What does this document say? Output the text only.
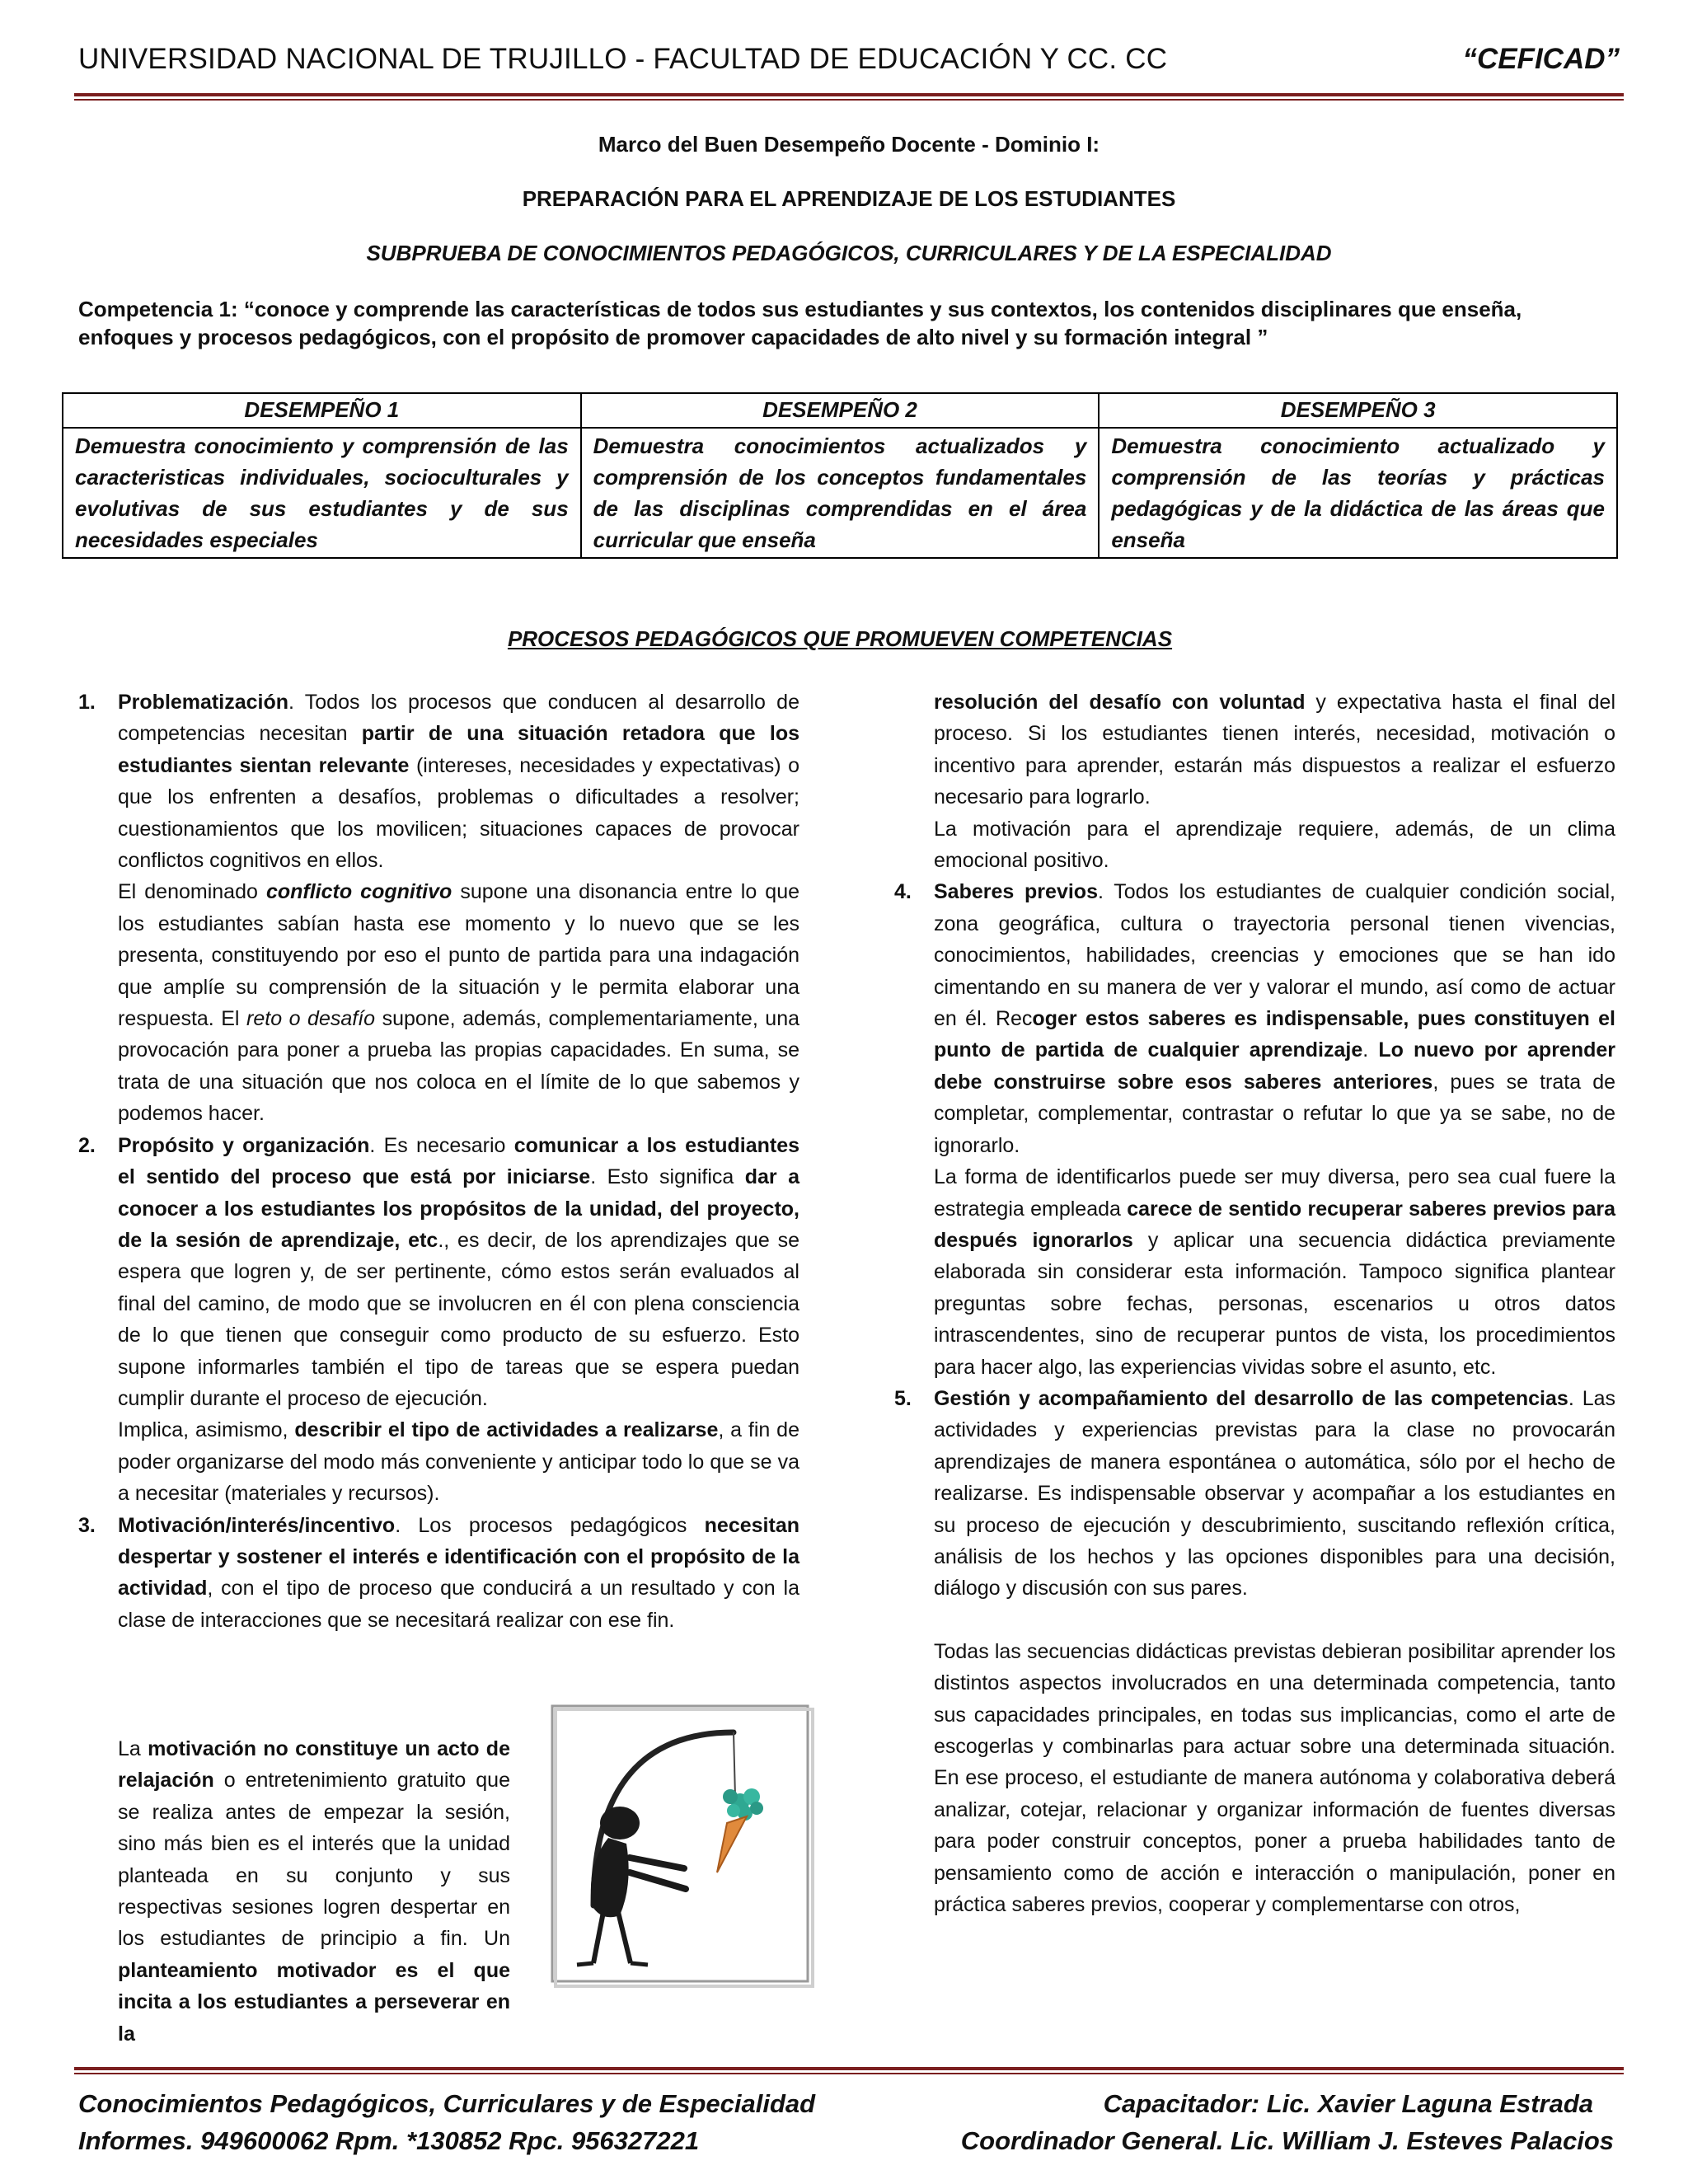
UNIVERSIDAD NACIONAL DE TRUJILLO - FACULTAD DE EDUCACIÓN Y CC. CC	“CEFICAD”
Marco del Buen Desempeño Docente - Dominio I:
PREPARACIÓN PARA EL APRENDIZAJE DE LOS ESTUDIANTES
SUBPRUEBA DE CONOCIMIENTOS PEDAGÓGICOS, CURRICULARES Y DE LA ESPECIALIDAD
Competencia 1: “conoce y comprende las características de todos sus estudiantes y sus contextos, los contenidos disciplinares que enseña, enfoques y procesos pedagógicos, con el propósito de promover capacidades de alto nivel y su formación integral ”
DESEMPEÑO 1	DESEMPEÑO 2	DESEMPEÑO 3
Demuestra conocimiento y comprensión de las caracteristicas individuales, socioculturales y evolutivas de sus estudiantes y de sus necesidades especiales	Demuestra conocimientos actualizados y comprensión de los conceptos fundamentales de las disciplinas comprendidas en el área curricular que enseña	Demuestra conocimiento actualizado y comprensión de las teorías y prácticas pedagógicas y de la didáctica de las áreas que enseña
PROCESOS PEDAGÓGICOS QUE PROMUEVEN COMPETENCIAS
1. Problematización. Todos los procesos que conducen al desarrollo de competencias necesitan partir de una situación retadora que los estudiantes sientan relevante (intereses, necesidades y expectativas) o que los enfrenten a desafíos, problemas o dificultades a resolver; cuestionamientos que los movilicen; situaciones capaces de provocar conflictos cognitivos en ellos.

El denominado conflicto cognitivo supone una disonancia entre lo que los estudiantes sabían hasta ese momento y lo nuevo que se les presenta, constituyendo por eso el punto de partida para una indagación que amplíe su comprensión de la situación y le permita elaborar una respuesta. El reto o desafío supone, además, complementariamente, una provocación para poner a prueba las propias capacidades. En suma, se trata de una situación que nos coloca en el límite de lo que sabemos y podemos hacer.

2. Propósito y organización. Es necesario comunicar a los estudiantes el sentido del proceso que está por iniciarse. Esto significa dar a conocer a los estudiantes los propósitos de la unidad, del proyecto, de la sesión de aprendizaje, etc., es decir, de los aprendizajes que se espera que logren y, de ser pertinente, cómo estos serán evaluados al final del camino, de modo que se involucren en él con plena consciencia de lo que tienen que conseguir como producto de su esfuerzo. Esto supone informarles también el tipo de tareas que se espera puedan cumplir durante el proceso de ejecución.

Implica, asimismo, describir el tipo de actividades a realizarse, a fin de poder organizarse del modo más conveniente y anticipar todo lo que se va a necesitar (materiales y recursos).

3. Motivación/interés/incentivo. Los procesos pedagógicos necesitan despertar y sostener el interés e identificación con el propósito de la actividad, con el tipo de proceso que conducirá a un resultado y con la clase de interacciones que se necesitará realizar con ese fin.

La motivación no constituye un acto de relajación o entretenimiento gratuito que se realiza antes de empezar la sesión, sino más bien es el interés que la unidad planteada en su conjunto y sus respectivas sesiones logren despertar en los estudiantes de principio a fin. Un planteamiento motivador es el que incita a los estudiantes a perseverar en la

resolución del desafío con voluntad y expectativa hasta el final del proceso. Si los estudiantes tienen interés, necesidad, motivación o incentivo para aprender, estarán más dispuestos a realizar el esfuerzo necesario para lograrlo.

La motivación para el aprendizaje requiere, además, de un clima emocional positivo.

4. Saberes previos. Todos los estudiantes de cualquier condición social, zona geográfica, cultura o trayectoria personal tienen vivencias, conocimientos, habilidades, creencias y emociones que se han ido cimentando en su manera de ver y valorar el mundo, así como de actuar en él. Recoger estos saberes es indispensable, pues constituyen el punto de partida de cualquier aprendizaje. Lo nuevo por aprender debe construirse sobre esos saberes anteriores, pues se trata de completar, complementar, contrastar o refutar lo que ya se sabe, no de ignorarlo.

La forma de identificarlos puede ser muy diversa, pero sea cual fuere la estrategia empleada carece de sentido recuperar saberes previos para después ignorarlos y aplicar una secuencia didáctica previamente elaborada sin considerar esta información. Tampoco significa plantear preguntas sobre fechas, personas, escenarios u otros datos intrascendentes, sino de recuperar puntos de vista, los procedimientos para hacer algo, las experiencias vividas sobre el asunto, etc.

5. Gestión y acompañamiento del desarrollo de las competencias. Las actividades y experiencias previstas para la clase no provocarán aprendizajes de manera espontánea o automática, sólo por el hecho de realizarse. Es indispensable observar y acompañar a los estudiantes en su proceso de ejecución y descubrimiento, suscitando reflexión crítica, análisis de los hechos y las opciones disponibles para una decisión, diálogo y discusión con sus pares.

Todas las secuencias didácticas previstas debieran posibilitar aprender los distintos aspectos involucrados en una determinada competencia, tanto sus capacidades principales, en todas sus implicancias, como el arte de escogerlas y combinarlas para actuar sobre una determinada situación. En ese proceso, el estudiante de manera autónoma y colaborativa deberá analizar, cotejar, relacionar y organizar información de fuentes diversas para poder construir conceptos, poner a prueba habilidades tanto de pensamiento como de acción e interacción o manipulación, poner en práctica saberes previos, cooperar y complementarse con otros,

Conocimientos Pedagógicos, Curriculares y de Especialidad
Informes. 949600062 Rpm. *130852 Rpc. 956327221
Capacitador: Lic. Xavier Laguna Estrada
Coordinador General. Lic. William J. Esteves Palacios
